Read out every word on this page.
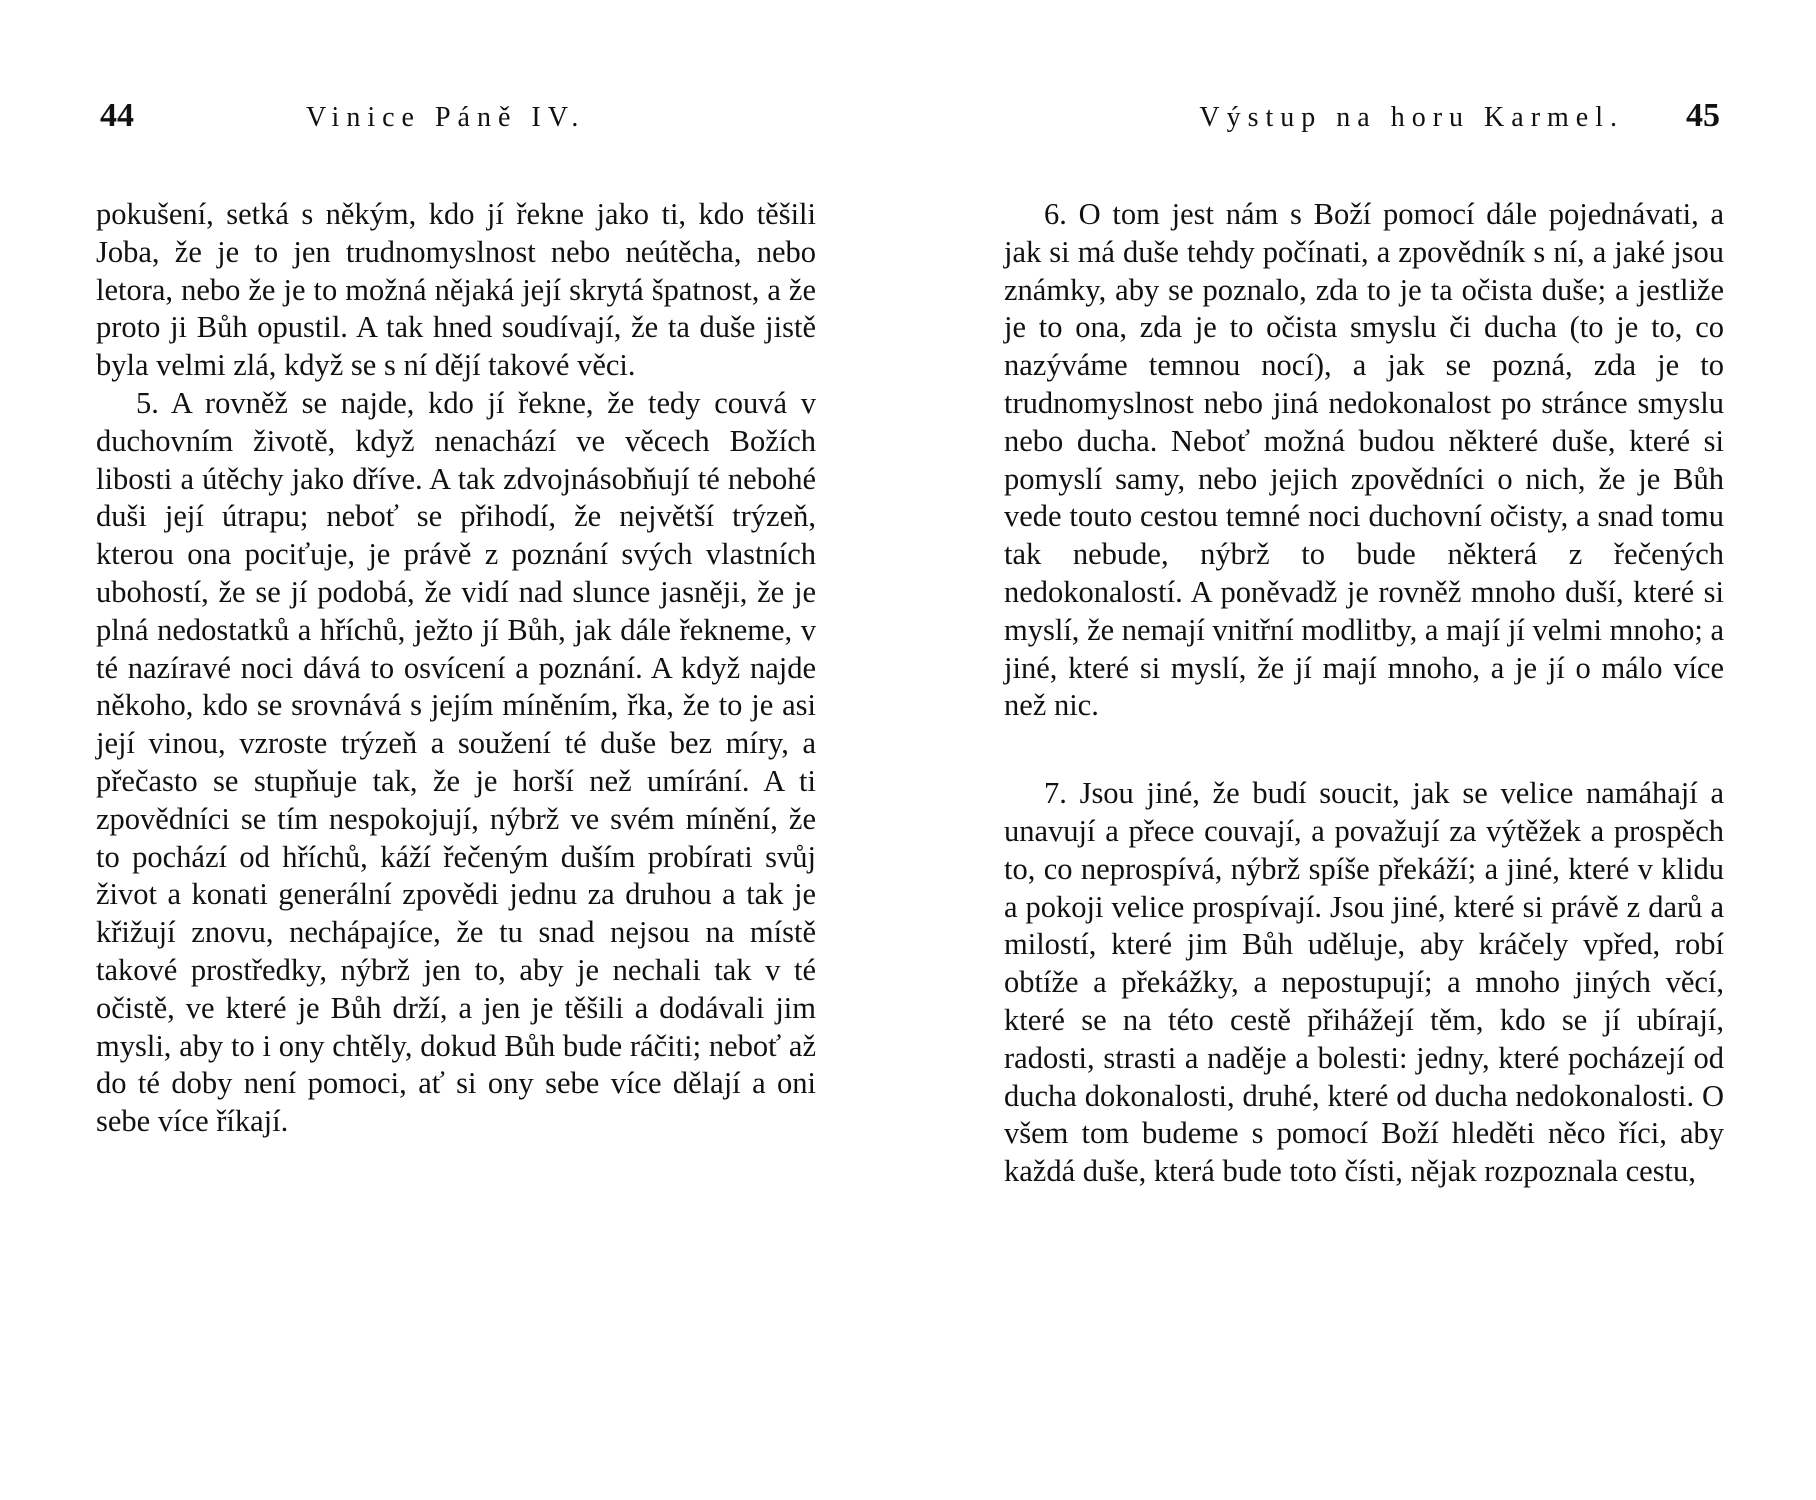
44	Vinice Páně IV.

pokušení, setká s někým, kdo jí řekne jako ti, kdo těšili Joba, že je to jen trudnomyslnost nebo neútěcha, nebo letora, nebo že je to možná nějaká její skrytá špatnost, a že proto ji Bůh opustil. A tak hned soudívají, že ta duše jistě byla velmi zlá, když se s ní dějí takové věci.

5. A rovněž se najde, kdo jí řekne, že tedy couvá v duchovním životě, když nenachází ve věcech Božích libosti a útěchy jako dříve. A tak zdvojnásobňují té nebohé duši její útrapu; neboť se přihodí, že největší trýzeň, kterou ona pociťuje, je právě z poznání svých vlastních ubohostí, že se jí podobá, že vidí nad slunce jasněji, že je plná nedostatků a hříchů, ježto jí Bůh, jak dále řekneme, v té nazíravé noci dává to osvícení a poznání. A když najde někoho, kdo se srovnává s jejím míněním, řka, že to je asi její vinou, vzroste trýzeň a soužení té duše bez míry, a přečasto se stupňuje tak, že je horší než umírání. A ti zpovědníci se tím nespokojují, nýbrž ve svém mínění, že to pochází od hříchů, káží řečeným duším probírati svůj život a konati generální zpovědi jednu za druhou a tak je křižují znovu, nechápajíce, že tu snad nejsou na místě takové prostředky, nýbrž jen to, aby je nechali tak v té očistě, ve které je Bůh drží, a jen je těšili a dodávali jim mysli, aby to i ony chtěly, dokud Bůh bude ráčiti; neboť až do té doby není pomoci, ať si ony sebe více dělají a oni sebe více říkají.

Výstup na horu Karmel. 45

6. O tom jest nám s Boží pomocí dále pojednávati, a jak si má duše tehdy počínati, a zpovědník s ní, a jaké jsou známky, aby se poznalo, zda to je ta očista duše; a jestliže je to ona, zda je to očista smyslu či ducha (to je to, co nazýváme temnou nocí), a jak se pozná, zda je to trudnomyslnost nebo jiná nedokonalost po stránce smyslu nebo ducha. Neboť možná budou některé duše, které si pomyslí samy, nebo jejich zpovědníci o nich, že je Bůh vede touto cestou temné noci duchovní očisty, a snad tomu tak nebude, nýbrž to bude některá z řečených nedokonalostí. A poněvadž je rovněž mnoho duší, které si myslí, že nemají vnitřní modlitby, a mají jí velmi mnoho; a jiné, které si myslí, že jí mají mnoho, a je jí o málo více než nic.

7. Jsou jiné, že budí soucit, jak se velice namáhají a unavují a přece couvají, a považují za výtěžek a prospěch to, co neprospívá, nýbrž spíše překáží; a jiné, které v klidu a pokoji velice prospívají. Jsou jiné, které si právě z darů a milostí, které jim Bůh uděluje, aby kráčely vpřed, robí obtíže a překážky, a nepostupují; a mnoho jiných věcí, které se na této cestě přihážejí těm, kdo se jí ubírají, radosti, strasti a naděje a bolesti: jedny, které pocházejí od ducha dokonalosti, druhé, které od ducha nedokonalosti. O všem tom budeme s pomocí Boží hleděti něco říci, aby každá duše, která bude toto čísti, nějak rozpoznala cestu,
